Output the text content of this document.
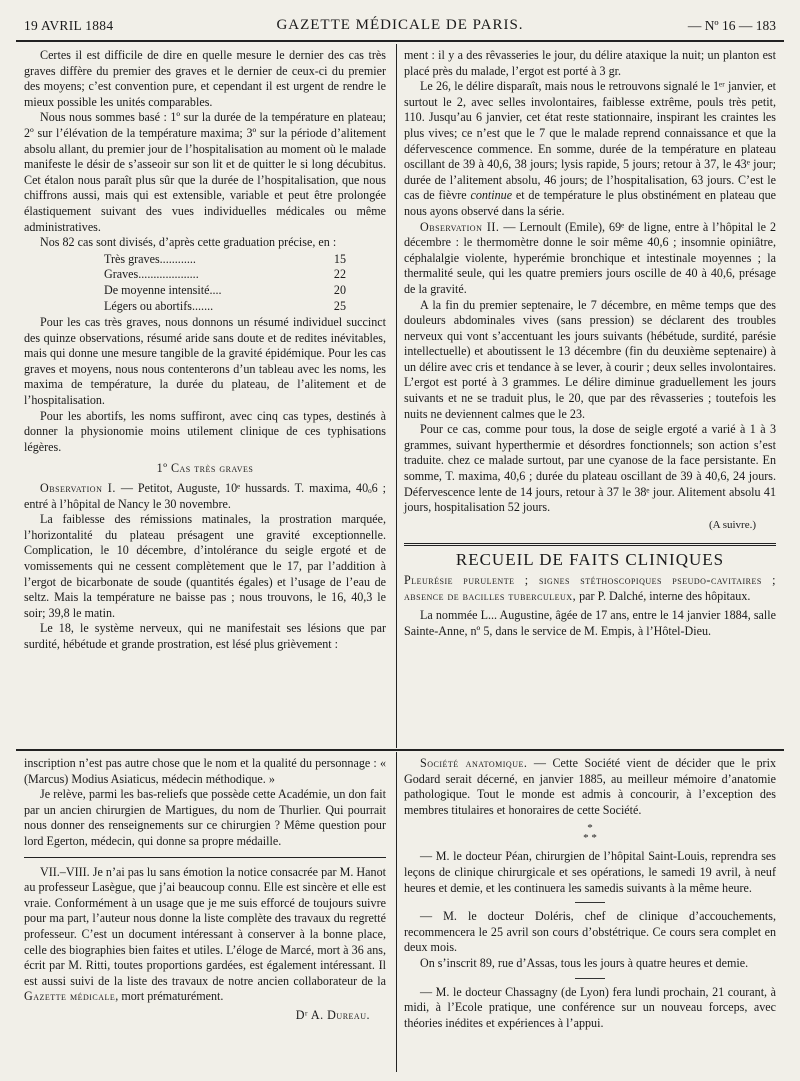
19 AVRIL 1884	GAZETTE MÉDICALE DE PARIS.	— Nº 16 — 183

Certes il est difficile de dire en quelle mesure le dernier des cas très graves diffère du premier des graves et le dernier de ceux-ci du premier des moyens; c’est convention pure, et cependant il est urgent de rendre le mieux possible les unités comparables.

Nous nous sommes basé : 1º sur la durée de la température en plateau; 2º sur l’élévation de la température maxima; 3º sur la période d’alitement absolu allant, du premier jour de l’hospitalisation au moment où le malade manifeste le désir de s’asseoir sur son lit et de quitter le si long décubitus. Cet étalon nous paraît plus sûr que la durée de l’hospitalisation, que nous chiffrons aussi, mais qui est extensible, variable et peut être prolongée élastiquement suivant des vues individuelles médicales ou même administratives.

Nos 82 cas sont divisés, d’après cette graduation précise, en :

Très graves............	15
Graves....................	22
De moyenne intensité....	20
Légers ou abortifs.......	25

Pour les cas très graves, nous donnons un résumé individuel succinct des quinze observations, résumé aride sans doute et de redites inévitables, mais qui donne une mesure tangible de la gravité épidémique. Pour les cas graves et moyens, nous nous contenterons d’un tableau avec les noms, les maxima de température, la durée du plateau, de l’alitement et de l’hospitalisation.

Pour les abortifs, les noms suffiront, avec cinq cas types, destinés à donner la physionomie moins utilement clinique de ces typhisations légères.

1º Cas très graves

Observation I. — Petitot, Auguste, 10ᵉ hussards. T. maxima, 40ₒ6 ; entré à l’hôpital de Nancy le 30 novembre.

La faiblesse des rémissions matinales, la prostration marquée, l’horizontalité du plateau présagent une gravité exceptionnelle. Complication, le 10 décembre, d’intolérance du seigle ergoté et de vomissements qui ne cessent complètement que le 17, par l’addition à l’ergot de bicarbonate de soude (quantités égales) et l’usage de l’eau de seltz. Mais la température ne baisse pas ; nous trouvons, le 16, 40,3 le soir; 39,8 le matin.

Le 18, le système nerveux, qui ne manifestait ses lésions que par surdité, hébétude et grande prostration, est lésé plus grièvement :

ment : il y a des rêvasseries le jour, du délire ataxique la nuit; un planton est placé près du malade, l’ergot est porté à 3 gr.

Le 26, le délire disparaît, mais nous le retrouvons signalé le 1ᵉʳ janvier, et surtout le 2, avec selles involontaires, faiblesse extrême, pouls très petit, 110. Jusqu’au 6 janvier, cet état reste stationnaire, inspirant les craintes les plus vives; ce n’est que le 7 que le malade reprend connaissance et que la défervescence commence. En somme, durée de la température en plateau oscillant de 39 à 40,6, 38 jours; lysis rapide, 5 jours; retour à 37, le 43ᵉ jour; durée de l’alitement absolu, 46 jours; de l’hospitalisation, 63 jours. C’est le cas de fièvre continue et de température le plus obstinément en plateau que nous ayons observé dans la série.

Observation II. — Lernoult (Emile), 69ᵉ de ligne, entre à l’hôpital le 2 décembre : le thermomètre donne le soir même 40,6 ; insomnie opiniâtre, céphalalgie violente, hyperémie bronchique et intestinale moyennes ; la thermalité seule, qui les quatre premiers jours oscille de 40 à 40,6, présage de la gravité.

A la fin du premier septenaire, le 7 décembre, en même temps que des douleurs abdominales vives (sans pression) se déclarent des troubles nerveux qui vont s’accentuant les jours suivants (hébétude, surdité, parésie intellectuelle) et aboutissent le 13 décembre (fin du deuxième septenaire) à un délire avec cris et tendance à se lever, à courir ; deux selles involontaires. L’ergot est porté à 3 grammes. Le délire diminue graduellement les jours suivants et ne se traduit plus, le 20, que par des rêvasseries ; toutefois les nuits ne deviennent calmes que le 23.

Pour ce cas, comme pour tous, la dose de seigle ergoté a varié à 1 à 3 grammes, suivant hyperthermie et désordres fonctionnels; son action s’est traduite. chez ce malade surtout, par une cyanose de la face persistante. En somme, T. maxima, 40,6 ; durée du plateau oscillant de 39 à 40,6, 24 jours. Défervescence lente de 14 jours, retour à 37 le 38ᵉ jour. Alitement absolu 41 jours, hospitalisation 52 jours.

(A suivre.)
RECUEIL DE FAITS CLINIQUES

Pleurésie purulente ; signes stéthoscopiques pseudo-cavitaires ; absence de bacilles tuberculeux, par P. Dalché, interne des hôpitaux.

La nommée L... Augustine, âgée de 17 ans, entre le 14 janvier 1884, salle Sainte-Anne, nº 5, dans le service de M. Empis, à l’Hôtel-Dieu.

inscription n’est pas autre chose que le nom et la qualité du personnage : « (Marcus) Modius Asiaticus, médecin méthodique. »

Je relève, parmi les bas-reliefs que possède cette Académie, un don fait par un ancien chirurgien de Martigues, du nom de Thurlier. Qui pourrait nous donner des renseignements sur ce chirurgien ? Même question pour lord Egerton, médecin, qui donne sa propre médaille.

VII.–VIII. Je n’ai pas lu sans émotion la notice consacrée par M. Hanot au professeur Lasègue, que j’ai beaucoup connu. Elle est sincère et elle est vraie. Conformément à un usage que je me suis efforcé de toujours suivre pour ma part, l’auteur nous donne la liste complète des travaux du regretté professeur. C’est un document intéressant à conserver à la bonne place, celle des biographies bien faites et utiles. L’éloge de Marcé, mort à 36 ans, écrit par M. Ritti, toutes proportions gardées, est également intéressant. Il est aussi suivi de la liste des travaux de notre ancien collaborateur de la Gazette médicale, mort prématurément.

Dʳ A. Dureau.

Société anatomique. — Cette Société vient de décider que le prix Godard serait décerné, en janvier 1885, au meilleur mémoire d’anatomie pathologique. Tout le monde est admis à concourir, à l’exception des membres titulaires et honoraires de cette Société.

*
* *

— M. le docteur Péan, chirurgien de l’hôpital Saint-Louis, reprendra ses leçons de clinique chirurgicale et ses opérations, le samedi 19 avril, à neuf heures et demie, et les continuera les samedis suivants à la même heure.

— M. le docteur Doléris, chef de clinique d’accouchements, recommencera le 25 avril son cours d’obstétrique. Ce cours sera complet en deux mois.

On s’inscrit 89, rue d’Assas, tous les jours à quatre heures et demie.

— M. le docteur Chassagny (de Lyon) fera lundi prochain, 21 courant, à midi, à l’Ecole pratique, une conférence sur un nouveau forceps, avec théories inédites et expériences à l’appui.
